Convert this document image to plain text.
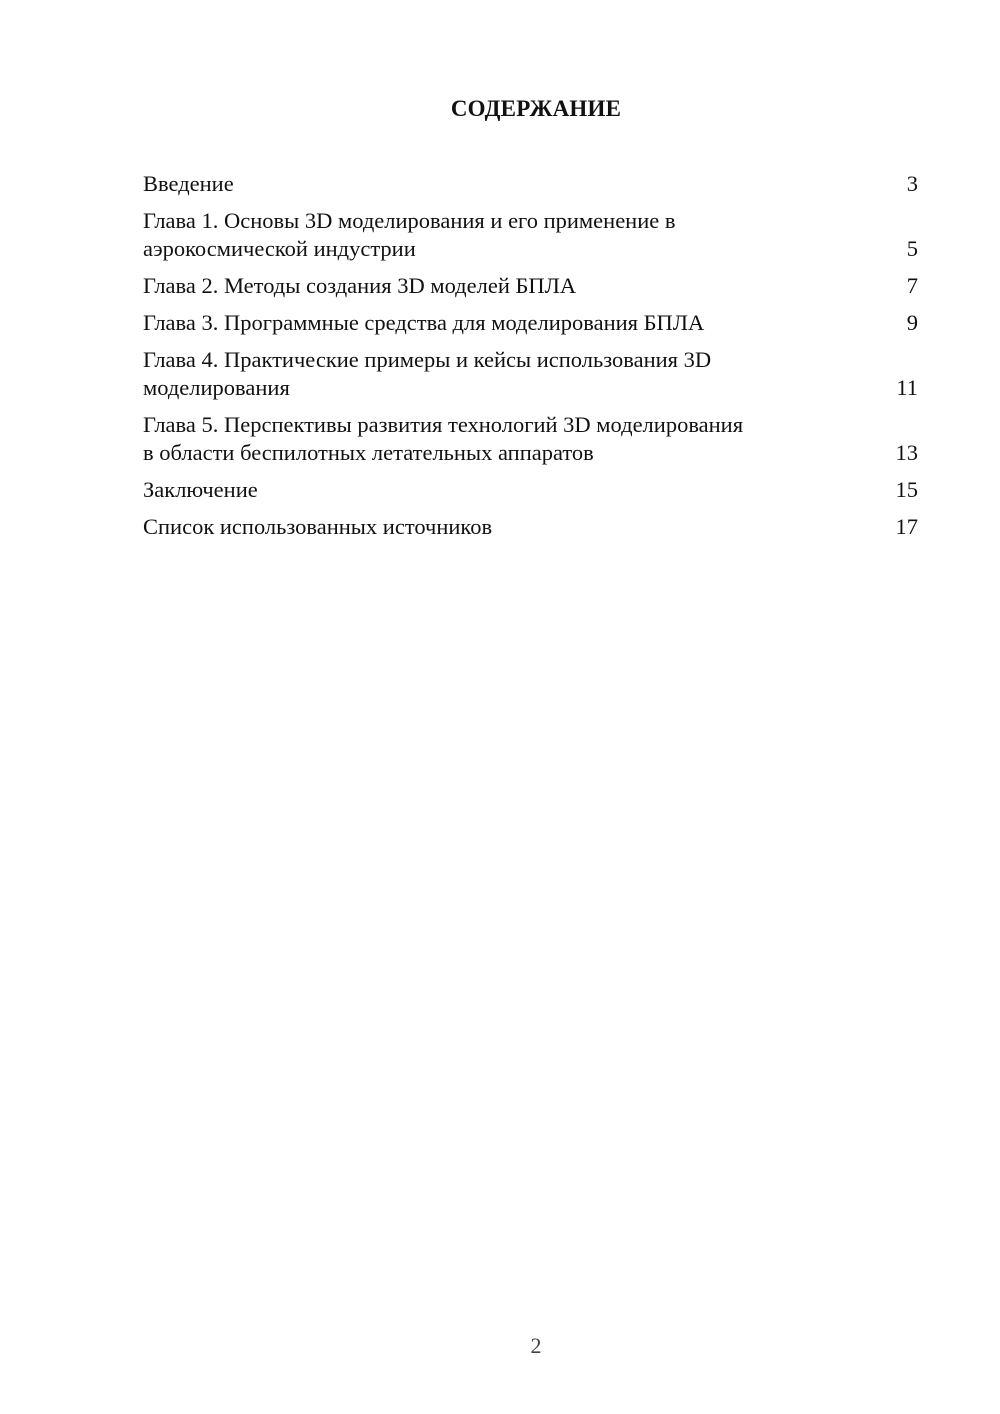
СОДЕРЖАНИЕ
Введение	3
Глава 1. Основы 3D моделирования и его применение в
аэрокосмической индустрии	5
Глава 2. Методы создания 3D моделей БПЛА	7
Глава 3. Программные средства для моделирования БПЛА	9
Глава 4. Практические примеры и кейсы использования 3D
моделирования	11
Глава 5. Перспективы развития технологий 3D моделирования
в области беспилотных летательных аппаратов	13
Заключение	15
Список использованных источников	17
2
